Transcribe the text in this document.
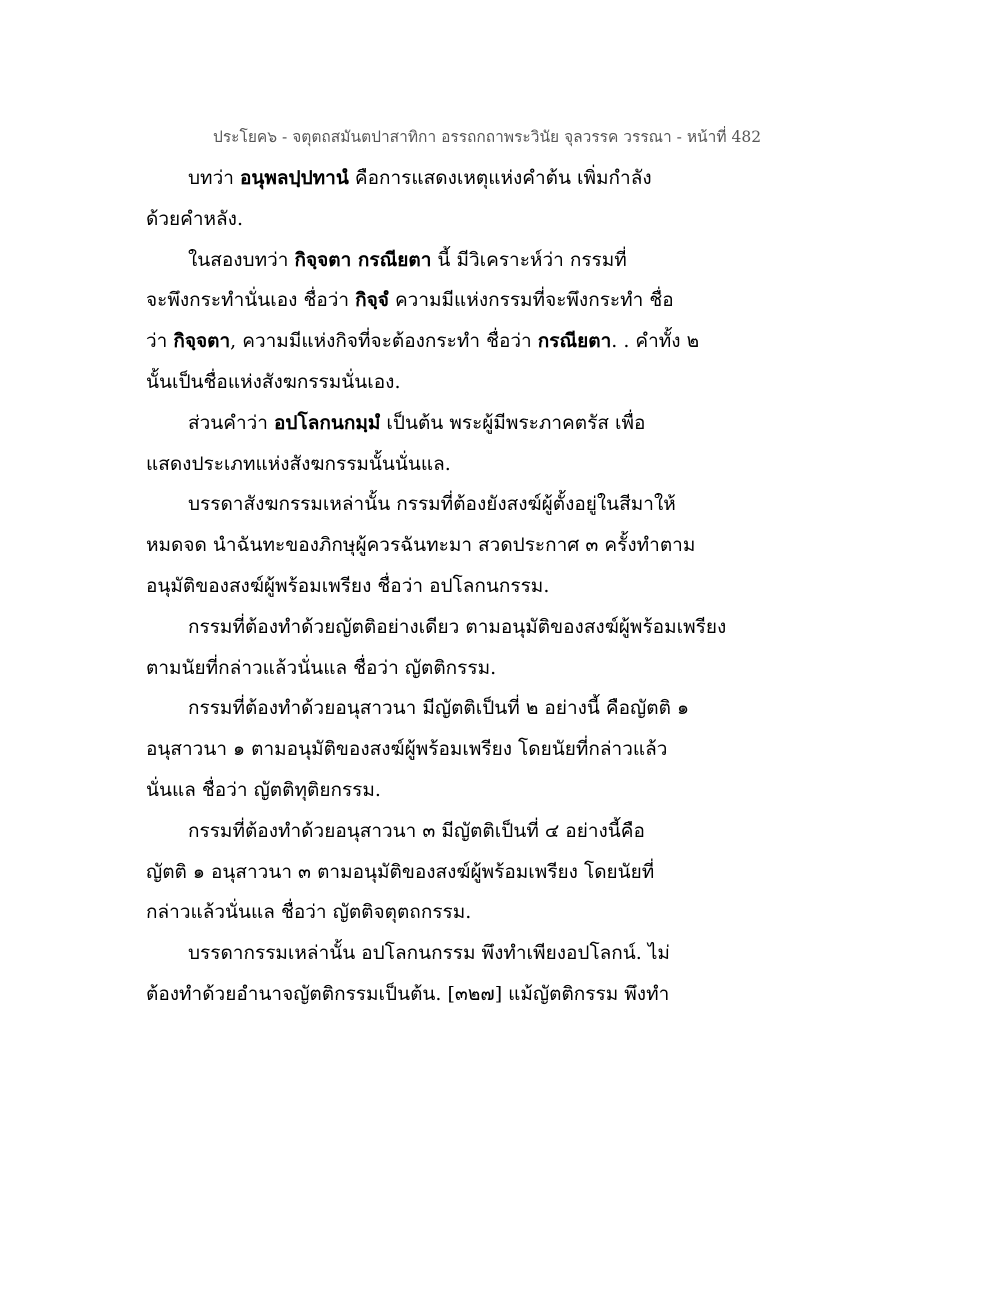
ประโยค๖ - จตุตถสมันตปาสาทิกา อรรถกถาพระวินัย จุลวรรค วรรณา - หน้าที่ 482
บทว่า อนุพลปฺปทานํ คือการแสดงเหตุแห่งคำต้น เพิ่มกำลัง
ด้วยคำหลัง.
ในสองบทว่า กิจฺจตา กรณียตา นี้ มีวิเคราะห์ว่า กรรมที่
จะพึงกระทำนั่นเอง ชื่อว่า กิจฺจํ ความมีแห่งกรรมที่จะพึงกระทำ ชื่อ
ว่า กิจฺจตา, ความมีแห่งกิจที่จะต้องกระทำ ชื่อว่า กรณียตา. . คำทั้ง ๒
นั้นเป็นชื่อแห่งสังฆกรรมนั่นเอง.
ส่วนคำว่า อปโลกนกมฺมํ เป็นต้น พระผู้มีพระภาคตรัส เพื่อ
แสดงประเภทแห่งสังฆกรรมนั้นนั่นแล.
บรรดาสังฆกรรมเหล่านั้น กรรมที่ต้องยังสงฆ์ผู้ตั้งอยู่ในสีมาให้
หมดจด นำฉันทะของภิกษุผู้ควรฉันทะมา สวดประกาศ ๓ ครั้งทำตาม
อนุมัติของสงฆ์ผู้พร้อมเพรียง ชื่อว่า อปโลกนกรรม.
กรรมที่ต้องทำด้วยญัตติอย่างเดียว ตามอนุมัติของสงฆ์ผู้พร้อมเพรียง
ตามนัยที่กล่าวแล้วนั่นแล ชื่อว่า ญัตติกรรม.
กรรมที่ต้องทำด้วยอนุสาวนา มีญัตติเป็นที่ ๒ อย่างนี้ คือญัตติ ๑
อนุสาวนา ๑ ตามอนุมัติของสงฆ์ผู้พร้อมเพรียง โดยนัยที่กล่าวแล้ว
นั่นแล ชื่อว่า ญัตติทุติยกรรม.
กรรมที่ต้องทำด้วยอนุสาวนา ๓ มีญัตติเป็นที่ ๔ อย่างนี้คือ
ญัตติ ๑ อนุสาวนา ๓ ตามอนุมัติของสงฆ์ผู้พร้อมเพรียง โดยนัยที่
กล่าวแล้วนั่นแล ชื่อว่า ญัตติจตุตถกรรม.
บรรดากรรมเหล่านั้น อปโลกนกรรม พึงทำเพียงอปโลกน์. ไม่
ต้องทำด้วยอำนาจญัตติกรรมเป็นต้น. [๓๒๗] แม้ญัตติกรรม พึงทำ
